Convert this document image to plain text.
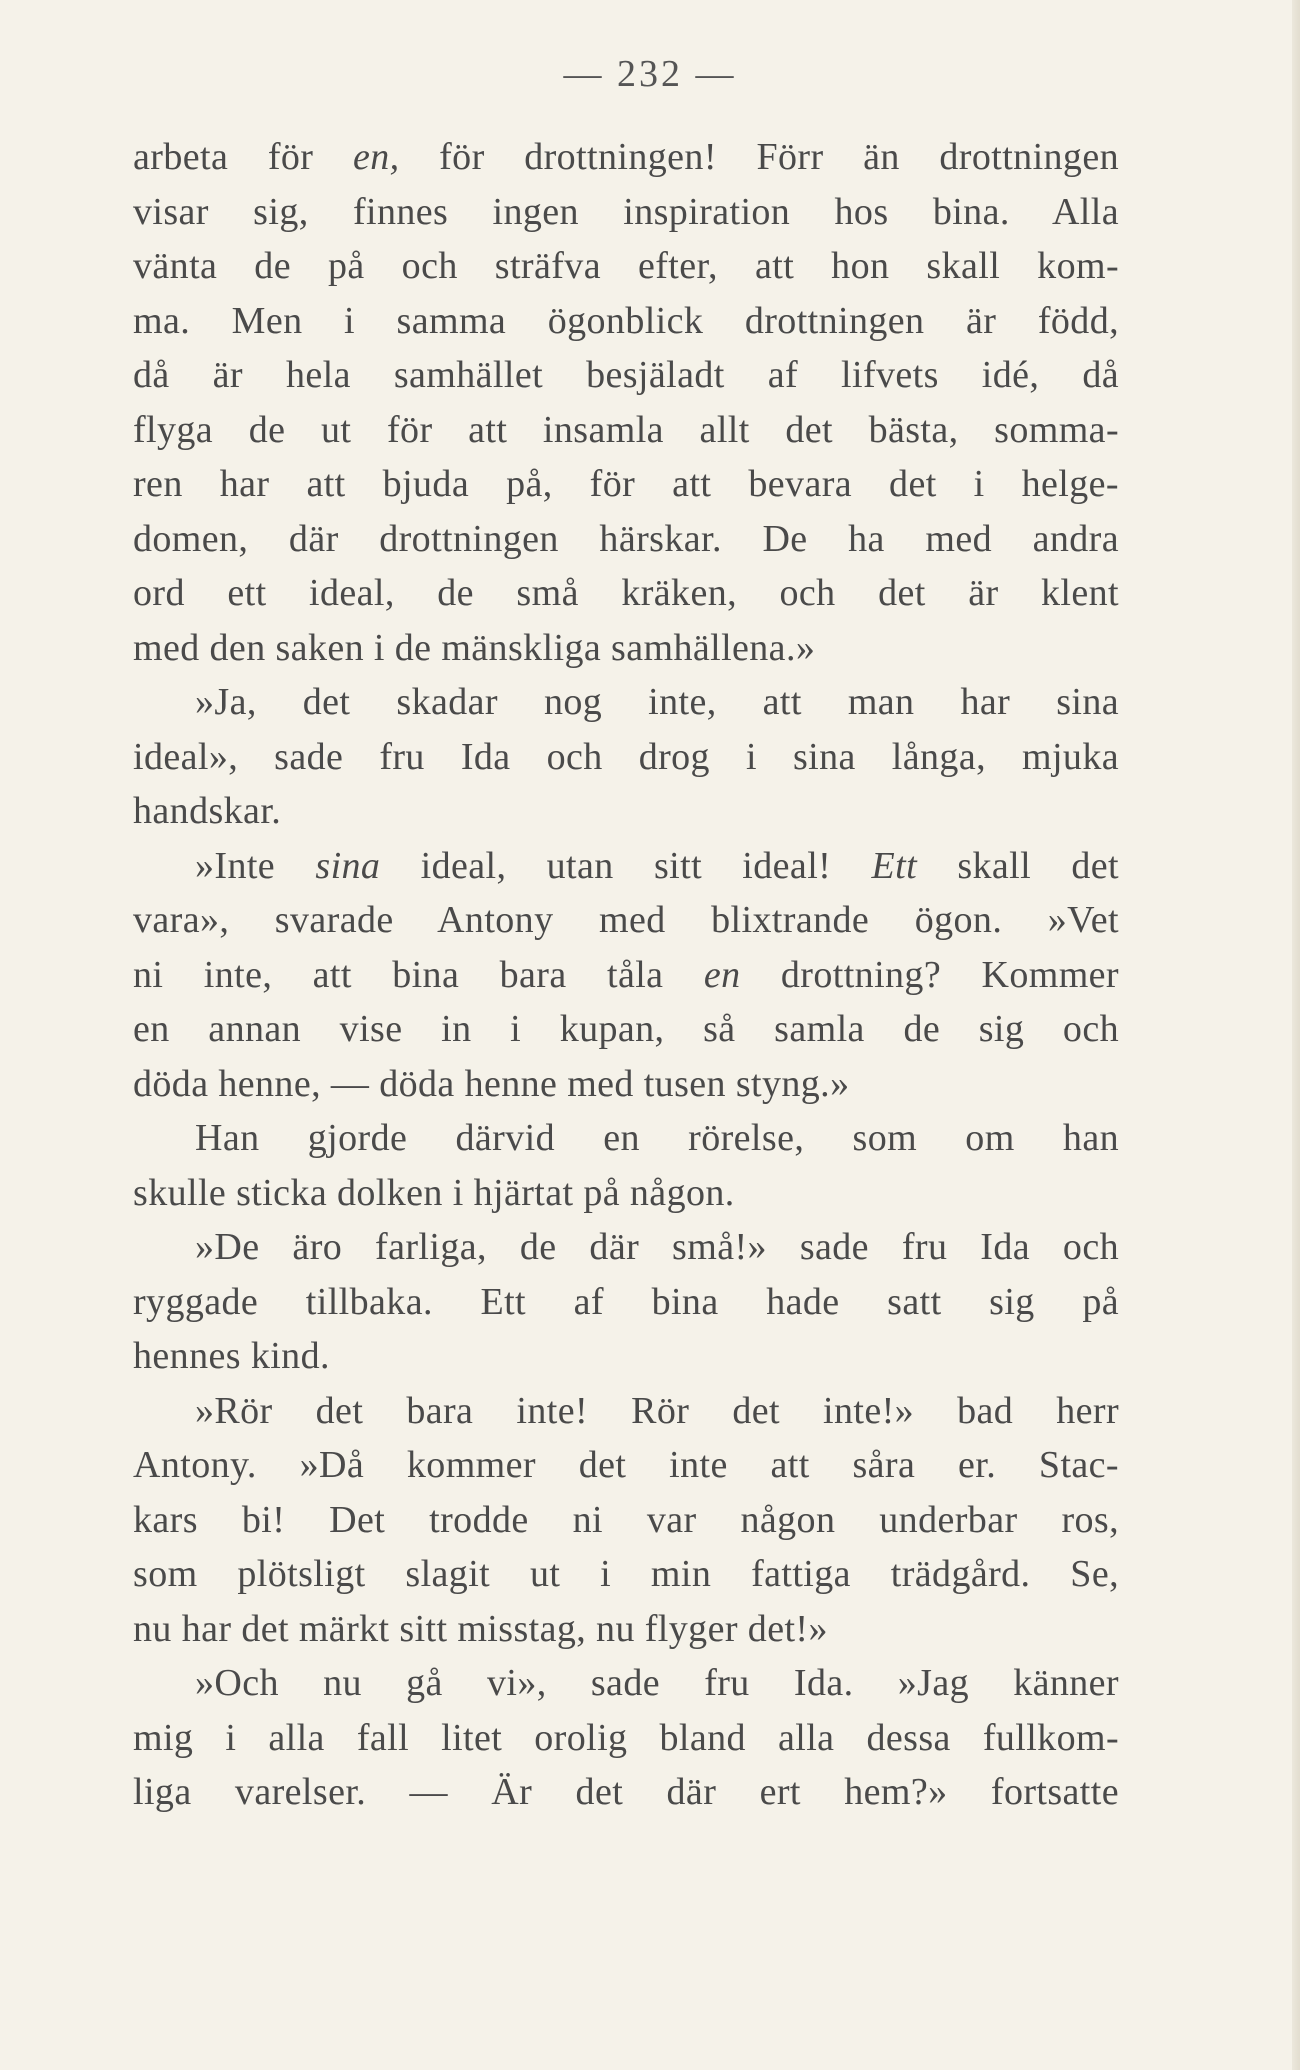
— 232 —
arbeta för en, för drottningen! Förr än drottningen
visar sig, finnes ingen inspiration hos bina. Alla
vänta de på och sträfva efter, att hon skall kom-
ma. Men i samma ögonblick drottningen är född,
då är hela samhället besjäladt af lifvets idé, då
flyga de ut för att insamla allt det bästa, somma-
ren har att bjuda på, för att bevara det i helge-
domen, där drottningen härskar. De ha med andra
ord ett ideal, de små kräken, och det är klent
med den saken i de mänskliga samhällena.»
»Ja, det skadar nog inte, att man har sina
ideal», sade fru Ida och drog i sina långa, mjuka
handskar.
»Inte sina ideal, utan sitt ideal! Ett skall det
vara», svarade Antony med blixtrande ögon. »Vet
ni inte, att bina bara tåla en drottning? Kommer
en annan vise in i kupan, så samla de sig och
döda henne, — döda henne med tusen styng.»
Han gjorde därvid en rörelse, som om han
skulle sticka dolken i hjärtat på någon.
»De äro farliga, de där små!» sade fru Ida och
ryggade tillbaka. Ett af bina hade satt sig på
hennes kind.
»Rör det bara inte! Rör det inte!» bad herr
Antony. »Då kommer det inte att såra er. Stac-
kars bi! Det trodde ni var någon underbar ros,
som plötsligt slagit ut i min fattiga trädgård. Se,
nu har det märkt sitt misstag, nu flyger det!»
»Och nu gå vi», sade fru Ida. »Jag känner
mig i alla fall litet orolig bland alla dessa fullkom-
liga varelser. — Är det där ert hem?» fortsatte
